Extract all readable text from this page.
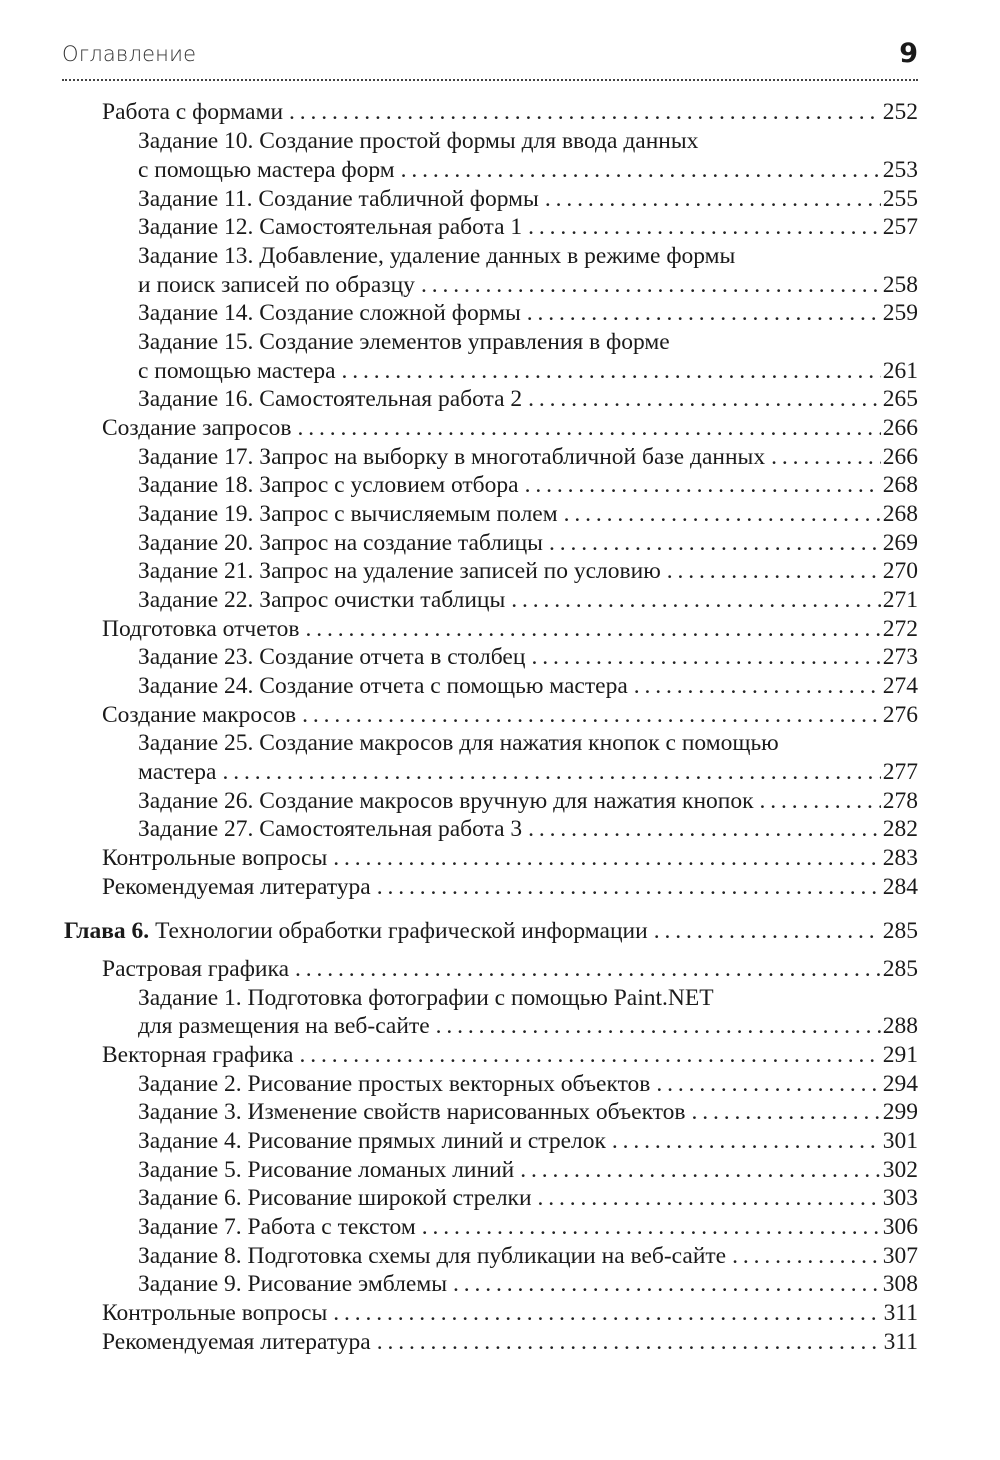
Оглавление	9
Работа с формами . . .	252
Задание 10. Создание простой формы для ввода данных
с помощью мастера форм . . .	253
Задание 11. Создание табличной формы . . .	255
Задание 12. Самостоятельная работа 1 . . .	257
Задание 13. Добавление, удаление данных в режиме формы
и поиск записей по образцу . . .	258
Задание 14. Создание сложной формы . . .	259
Задание 15. Создание элементов управления в форме
с помощью мастера . . .	261
Задание 16. Самостоятельная работа 2 . . .	265
Создание запросов . . .	266
Задание 17. Запрос на выборку в многотабличной базе данных . . .	266
Задание 18. Запрос с условием отбора . . .	268
Задание 19. Запрос с вычисляемым полем . . .	268
Задание 20. Запрос на создание таблицы . . .	269
Задание 21. Запрос на удаление записей по условию . . .	270
Задание 22. Запрос очистки таблицы . . .	271
Подготовка отчетов . . .	272
Задание 23. Создание отчета в столбец . . .	273
Задание 24. Создание отчета с помощью мастера . . .	274
Создание макросов . . .	276
Задание 25. Создание макросов для нажатия кнопок с помощью
мастера . . .	277
Задание 26. Создание макросов вручную для нажатия кнопок . . .	278
Задание 27. Самостоятельная работа 3 . . .	282
Контрольные вопросы . . .	283
Рекомендуемая литература . . .	284
Глава 6. Технологии обработки графической информации . . .	285
Растровая графика . . .	285
Задание 1. Подготовка фотографии с помощью Paint.NET
для размещения на веб-сайте . . .	288
Векторная графика . . .	291
Задание 2. Рисование простых векторных объектов . . .	294
Задание 3. Изменение свойств нарисованных объектов . . .	299
Задание 4. Рисование прямых линий и стрелок . . .	301
Задание 5. Рисование ломаных линий . . .	302
Задание 6. Рисование широкой стрелки . . .	303
Задание 7. Работа с текстом . . .	306
Задание 8. Подготовка схемы для публикации на веб-сайте . . .	307
Задание 9. Рисование эмблемы . . .	308
Контрольные вопросы . . .	311
Рекомендуемая литература . . .	311
